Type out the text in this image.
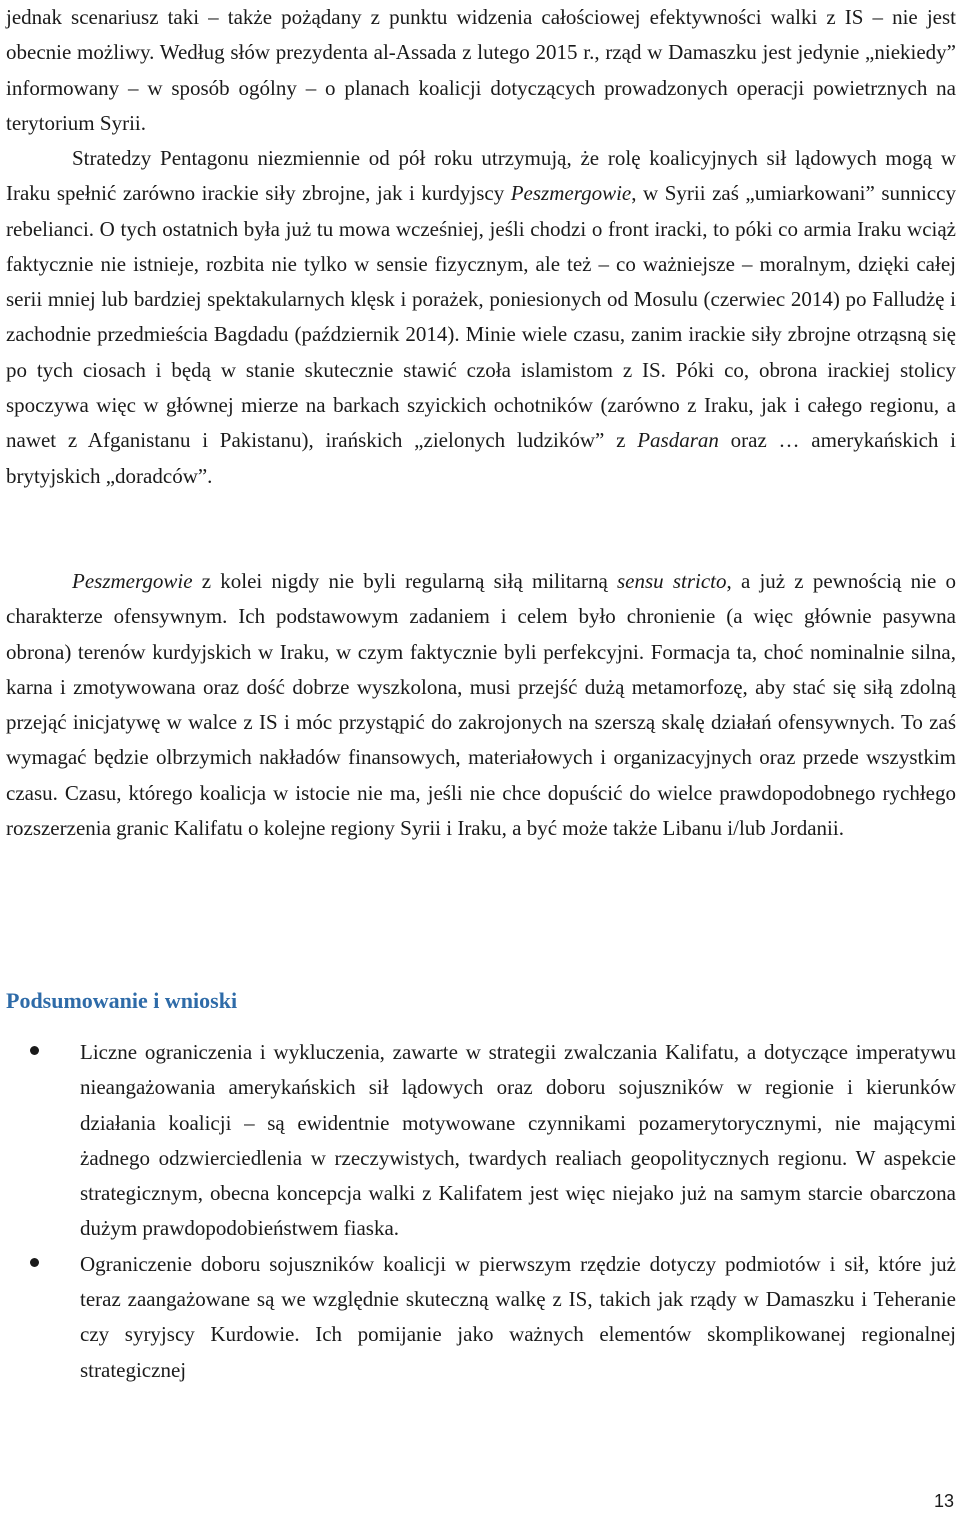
jednak scenariusz taki – także pożądany z punktu widzenia całościowej efektywności walki z IS – nie jest obecnie możliwy. Według słów prezydenta al-Assada z lutego 2015 r., rząd w Damaszku jest jedynie „niekiedy” informowany – w sposób ogólny – o planach koalicji dotyczących prowadzonych operacji powietrznych na terytorium Syrii.

Stratedzy Pentagonu niezmiennie od pół roku utrzymują, że rolę koalicyjnych sił lądowych mogą w Iraku spełnić zarówno irackie siły zbrojne, jak i kurdyjscy Peszmergowie, w Syrii zaś „umiarkowani” sunniccy rebelianci. O tych ostatnich była już tu mowa wcześniej, jeśli chodzi o front iracki, to póki co armia Iraku wciąż faktycznie nie istnieje, rozbita nie tylko w sensie fizycznym, ale też – co ważniejsze – moralnym, dzięki całej serii mniej lub bardziej spektakularnych klęsk i porażek, poniesionych od Mosulu (czerwiec 2014) po Falludżę i zachodnie przedmieścia Bagdadu (październik 2014). Minie wiele czasu, zanim irackie siły zbrojne otrząsną się po tych ciosach i będą w stanie skutecznie stawić czoła islamistom z IS. Póki co, obrona irackiej stolicy spoczywa więc w głównej mierze na barkach szyickich ochotników (zarówno z Iraku, jak i całego regionu, a nawet z Afganistanu i Pakistanu), irańskich „zielonych ludzików” z Pasdaran oraz … amerykańskich i brytyjskich „doradców”.

Peszmergowie z kolei nigdy nie byli regularną siłą militarną sensu stricto, a już z pewnością nie o charakterze ofensywnym. Ich podstawowym zadaniem i celem było chronienie (a więc głównie pasywna obrona) terenów kurdyjskich w Iraku, w czym faktycznie byli perfekcyjni. Formacja ta, choć nominalnie silna, karna i zmotywowana oraz dość dobrze wyszkolona, musi przejść dużą metamorfozę, aby stać się siłą zdolną przejąć inicjatywę w walce z IS i móc przystąpić do zakrojonych na szerszą skalę działań ofensywnych. To zaś wymagać będzie olbrzymich nakładów finansowych, materiałowych i organizacyjnych oraz przede wszystkim czasu. Czasu, którego koalicja w istocie nie ma, jeśli nie chce dopuścić do wielce prawdopodobnego rychłego rozszerzenia granic Kalifatu o kolejne regiony Syrii i Iraku, a być może także Libanu i/lub Jordanii.

Podsumowanie i wnioski
Liczne ograniczenia i wykluczenia, zawarte w strategii zwalczania Kalifatu, a dotyczące imperatywu nieangażowania amerykańskich sił lądowych oraz doboru sojuszników w regionie i kierunków działania koalicji – są ewidentnie motywowane czynnikami pozamerytorycznymi, nie mającymi żadnego odzwierciedlenia w rzeczywistych, twardych realiach geopolitycznych regionu. W aspekcie strategicznym, obecna koncepcja walki z Kalifatem jest więc niejako już na samym starcie obarczona dużym prawdopodobieństwem fiaska.
Ograniczenie doboru sojuszników koalicji w pierwszym rzędzie dotyczy podmiotów i sił, które już teraz zaangażowane są we względnie skuteczną walkę z IS, takich jak rządy w Damaszku i Teheranie czy syryjscy Kurdowie. Ich pomijanie jako ważnych elementów skomplikowanej regionalnej strategicznej
13
